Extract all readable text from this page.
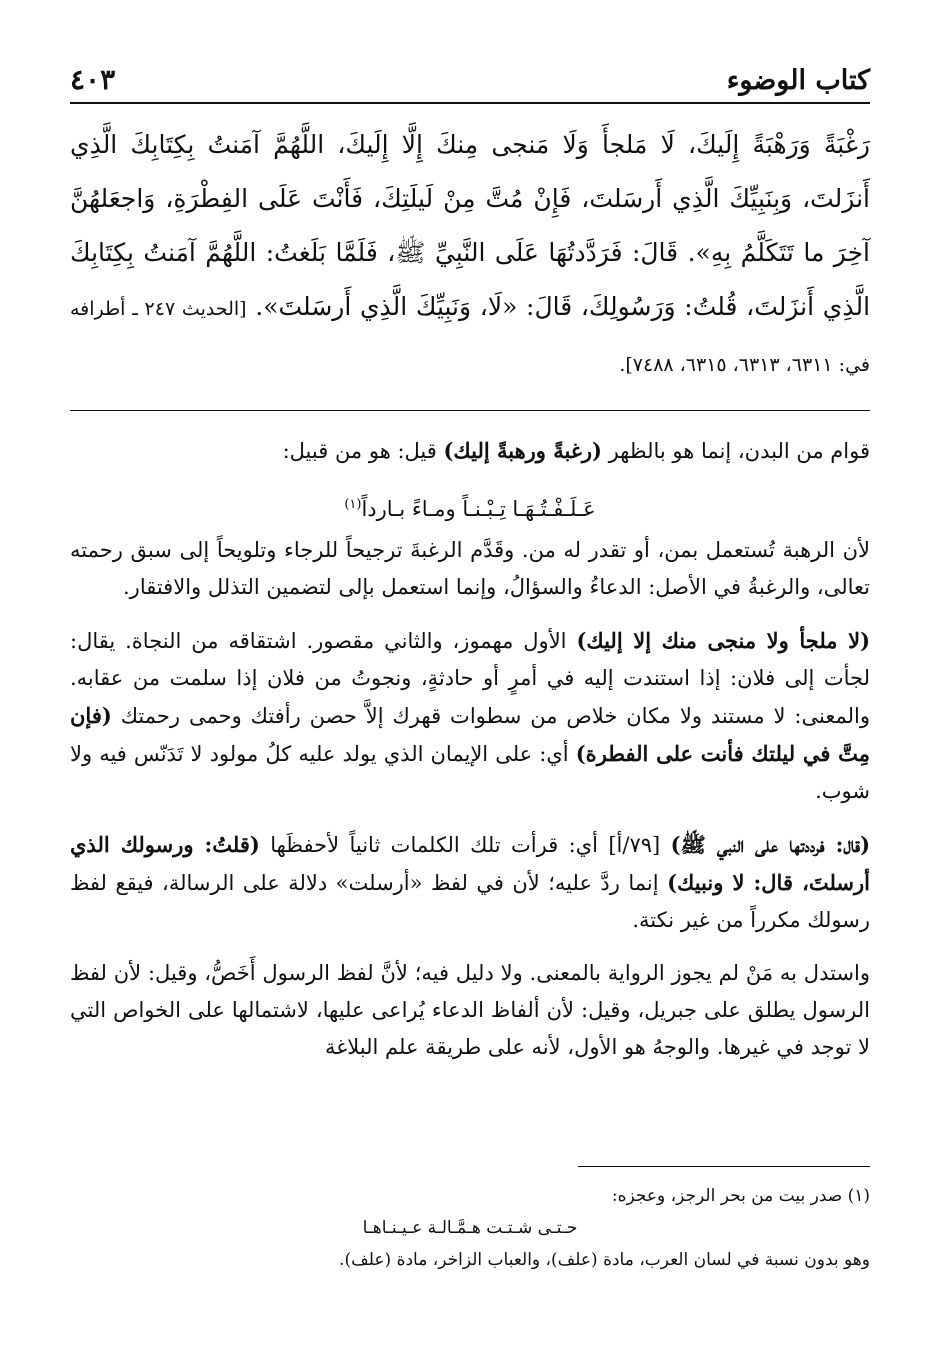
كتاب الوضوء
٤٠٣

رَغْبَةً وَرَهْبَةً إِلَيكَ، لَا مَلجأَ وَلَا مَنجى مِنكَ إِلَّا إِلَيكَ، اللَّهُمَّ آمَنتُ بِكِتَابِكَ الَّذِي أَنزَلتَ، وَبِنَبِيِّكَ الَّذِي أَرسَلتَ، فَإِنْ مُتَّ مِنْ لَيلَتِكَ، فَأَنْتَ عَلَى الفِطْرَةِ، وَاجعَلهُنَّ آخِرَ ما تَتَكَلَّمُ بِهِ». قَالَ: فَرَدَّدتُهَا عَلَى النَّبِيِّ ﷺ، فَلَمَّا بَلَغتُ: اللَّهُمَّ آمَنتُ بِكِتَابِكَ الَّذِي أَنزَلتَ، قُلتُ: وَرَسُولِكَ، قَالَ: «لَا، وَنَبِيِّكَ الَّذِي أَرسَلتَ». [الحديث ٢٤٧ ـ أطرافه في: ٦٣١١، ٦٣١٣، ٦٣١٥، ٧٤٨٨].

قوام من البدن، إنما هو بالظهر (رغبةً ورهبةً إليك) قيل: هو من قبيل:

عَـلَـفْـتُـهَـا تِـبْـنـاً ومـاءً بـارداً$^{(١)}$

لأن الرهبة تُستعمل بمن، أو تقدر له من. وقَدَّم الرغبةَ ترجيحاً للرجاء وتلويحاً إلى سبق رحمته تعالى، والرغبةُ في الأصل: الدعاءُ والسؤالُ، وإنما استعمل بإلى لتضمين التذلل والافتقار.

(لا ملجأ ولا منجى منك إلا إليك) الأول مهموز، والثاني مقصور. اشتقاقه من النجاة. يقال: لجأت إلى فلان: إذا استندت إليه في أمرٍ أو حادثةٍ، ونجوتُ من فلان إذا سلمت من عقابه. والمعنى: لا مستند ولا مكان خلاص من سطوات قهرك إلاَّ حصن رأفتك وحمى رحمتك (فإن مِتَّ في ليلتك فأنت على الفطرة) أي: على الإيمان الذي يولد عليه كلُ مولود لا تَدَنّس فيه ولا شوب.

(قال: فرددتها على النبي ﷺ) [٧٩/أ] أي: قرأت تلك الكلمات ثانياً لأحفظَها (قلتُ: ورسولك الذي أرسلتَ، قال: لا ونبيك) إنما ردَّ عليه؛ لأن في لفظ «أرسلت» دلالة على الرسالة، فيقع لفظ رسولك مكرراً من غير نكتة.

واستدل به مَنْ لم يجوز الرواية بالمعنى. ولا دليل فيه؛ لأنَّ لفظ الرسول أَخَصُّ، وقيل: لأن لفظ الرسول يطلق على جبريل، وقيل: لأن ألفاظ الدعاء يُراعى عليها، لاشتمالها على الخواص التي لا توجد في غيرها. والوجهُ هو الأول، لأنه على طريقة علم البلاغة

(١) صدر بيت من بحر الرجز، وعجزه:

حـتـى شـتـت هـمَّـالـة عـيـنـاهـا

وهو بدون نسبة في لسان العرب، مادة (علف)، والعباب الزاخر، مادة (علف).
